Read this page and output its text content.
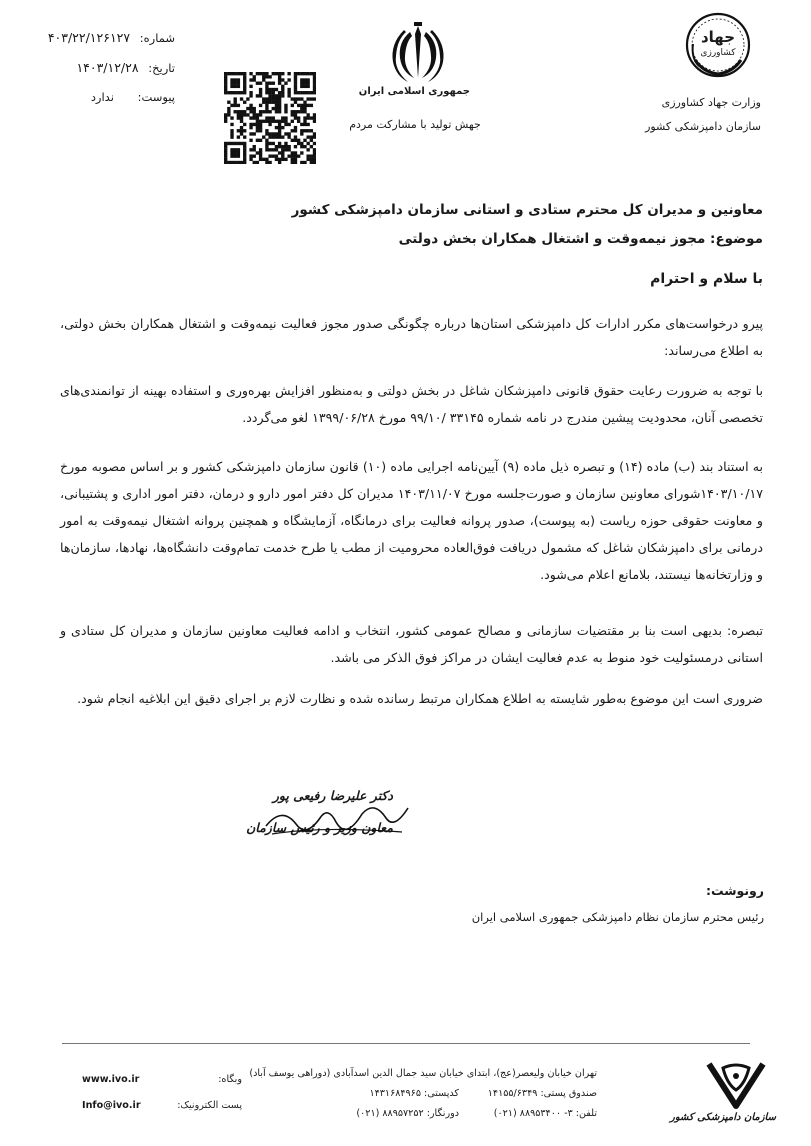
جهاد
کشاورزی
وزارت جهاد کشاورزی
سازمان دامپزشکی کشور
جمهوری اسلامی ایران
جهش تولید با مشارکت مردم
شماره: ۴۰۳/۲۲/۱۲۶۱۲۷
تاریخ: ۱۴۰۳/۱۲/۲۸
پیوست: ندارد
معاونین و مدیران کل محترم ستادی و استانی سازمان دامپزشکی کشور
موضوع: مجوز نیمه‌وقت و اشتغال همکاران بخش دولتی
با سلام و احترام
پیرو درخواست‌های مکرر ادارات کل دامپزشکی استان‌ها درباره چگونگی صدور مجوز فعالیت نیمه‌وقت و اشتغال همکاران بخش دولتی، به اطلاع می‌رساند:
با توجه به ضرورت رعایت حقوق قانونی دامپزشکان شاغل در بخش دولتی و به‌منظور افزایش بهره‌وری و استفاده بهینه از توانمندی‌های تخصصی آنان، محدودیت پیشین مندرج در نامه شماره ۳۳۱۴۵ /۹۹/۱۰ مورخ ۱۳۹۹/۰۶/۲۸ لغو می‌گردد.
به استناد بند (ب) ماده (۱۴) و تبصره ذیل ماده (۹) آیین‌نامه اجرایی ماده (۱۰) قانون سازمان دامپزشکی کشور و بر اساس مصوبه مورخ ۱۴۰۳/۱۰/۱۷شورای معاونین سازمان و صورت‌جلسه مورخ ۱۴۰۳/۱۱/۰۷ مدیران کل دفتر امور دارو و درمان، دفتر امور اداری و پشتیبانی، و معاونت حقوقی حوزه ریاست (به پیوست)، صدور پروانه فعالیت برای درمانگاه، آزمایشگاه و همچنین پروانه اشتغال نیمه‌وقت به امور درمانی برای دامپزشکان شاغل که مشمول دریافت فوق‌العاده محرومیت از مطب یا طرح خدمت تمام‌وقت دانشگاه‌ها، نهادها، سازمان‌ها و وزارتخانه‌ها نیستند، بلامانع اعلام می‌شود.
تبصره: بدیهی است بنا بر مقتضیات سازمانی و مصالح عمومی کشور، انتخاب و ادامه فعالیت معاونین سازمان و مدیران کل ستادی و استانی درمسئولیت خود منوط به عدم فعالیت ایشان در مراکز فوق الذکر می باشد.
ضروری است این موضوع به‌طور شایسته به اطلاع همکاران مرتبط رسانده شده و نظارت لازم بر اجرای دقیق این ابلاغیه انجام شود.
دکتر علیرضا رفیعی پور
معاون وزیر و رئیس سازمان
رونوشت:
رئیس محترم سازمان نظام دامپزشکی جمهوری اسلامی ایران
سازمان دامپزشکی کشور
تهران خیابان ولیعصر(عج)، ابتدای خیابان سید جمال الدین اسدآبادی (دوراهی یوسف آباد)
صندوق پستی: ۱۴۱۵۵/۶۳۴۹
کدپستی: ۱۴۳۱۶۸۴۹۶۵
تلفن: ۳- ۸۸۹۵۳۴۰۰ (۰۲۱)
دورنگار: ۸۸۹۵۷۲۵۲ (۰۲۱)
www.ivo.ir	وبگاه:
Info@ivo.ir	پست الکترونیک:
